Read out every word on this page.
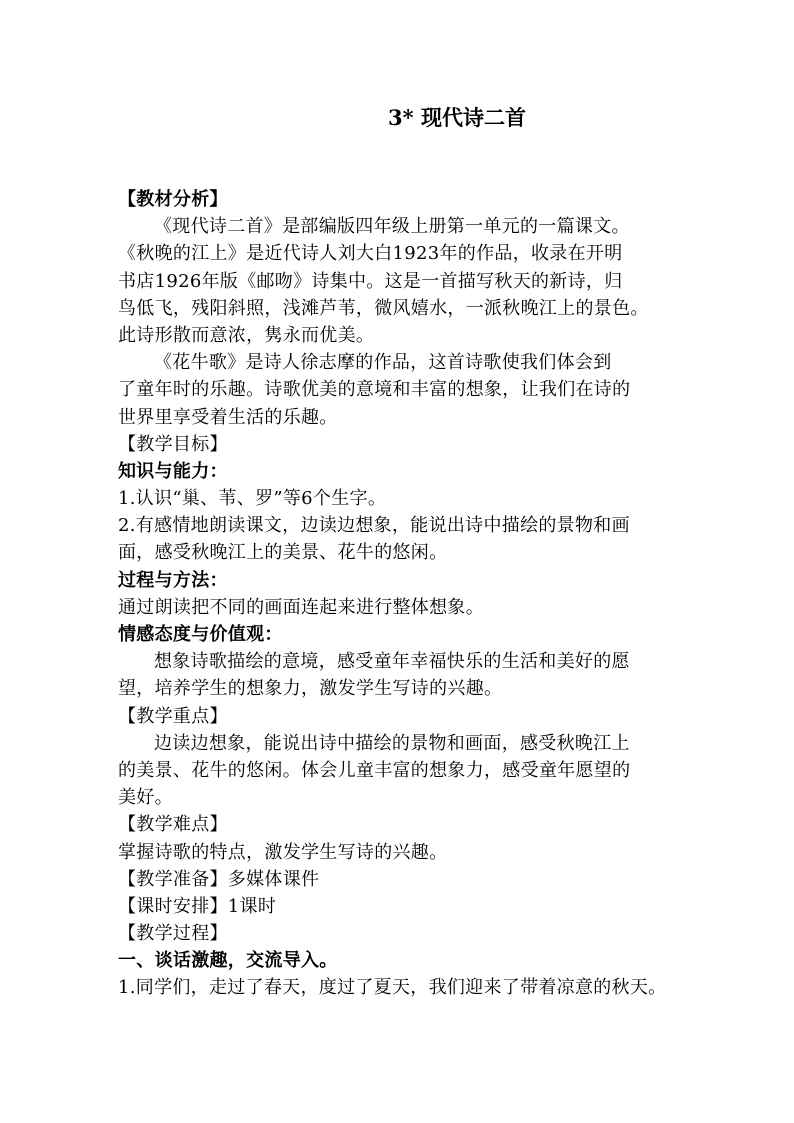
3* 现代诗二首
【教材分析】
《现代诗二首》是部编版四年级上册第一单元的一篇课文。
《秋晚的江上》是近代诗人刘大白1923年的作品，收录在开明
书店1926年版《邮吻》诗集中。这是一首描写秋天的新诗，归
鸟低飞，残阳斜照，浅滩芦苇，微风嬉水，一派秋晚江上的景色。
此诗形散而意浓，隽永而优美。
《花牛歌》是诗人徐志摩的作品，这首诗歌使我们体会到
了童年时的乐趣。诗歌优美的意境和丰富的想象，让我们在诗的
世界里享受着生活的乐趣。
【教学目标】
知识与能力：
1.认识“巢、苇、罗”等6个生字。
2.有感情地朗读课文，边读边想象，能说出诗中描绘的景物和画
面，感受秋晚江上的美景、花牛的悠闲。
过程与方法：
通过朗读把不同的画面连起来进行整体想象。
情感态度与价值观：
想象诗歌描绘的意境，感受童年幸福快乐的生活和美好的愿
望，培养学生的想象力，激发学生写诗的兴趣。
【教学重点】
边读边想象，能说出诗中描绘的景物和画面，感受秋晚江上
的美景、花牛的悠闲。体会儿童丰富的想象力，感受童年愿望的
美好。
【教学难点】
掌握诗歌的特点，激发学生写诗的兴趣。
【教学准备】多媒体课件
【课时安排】1课时
【教学过程】
一、谈话激趣，交流导入。
1.同学们，走过了春天，度过了夏天，我们迎来了带着凉意的秋天。
